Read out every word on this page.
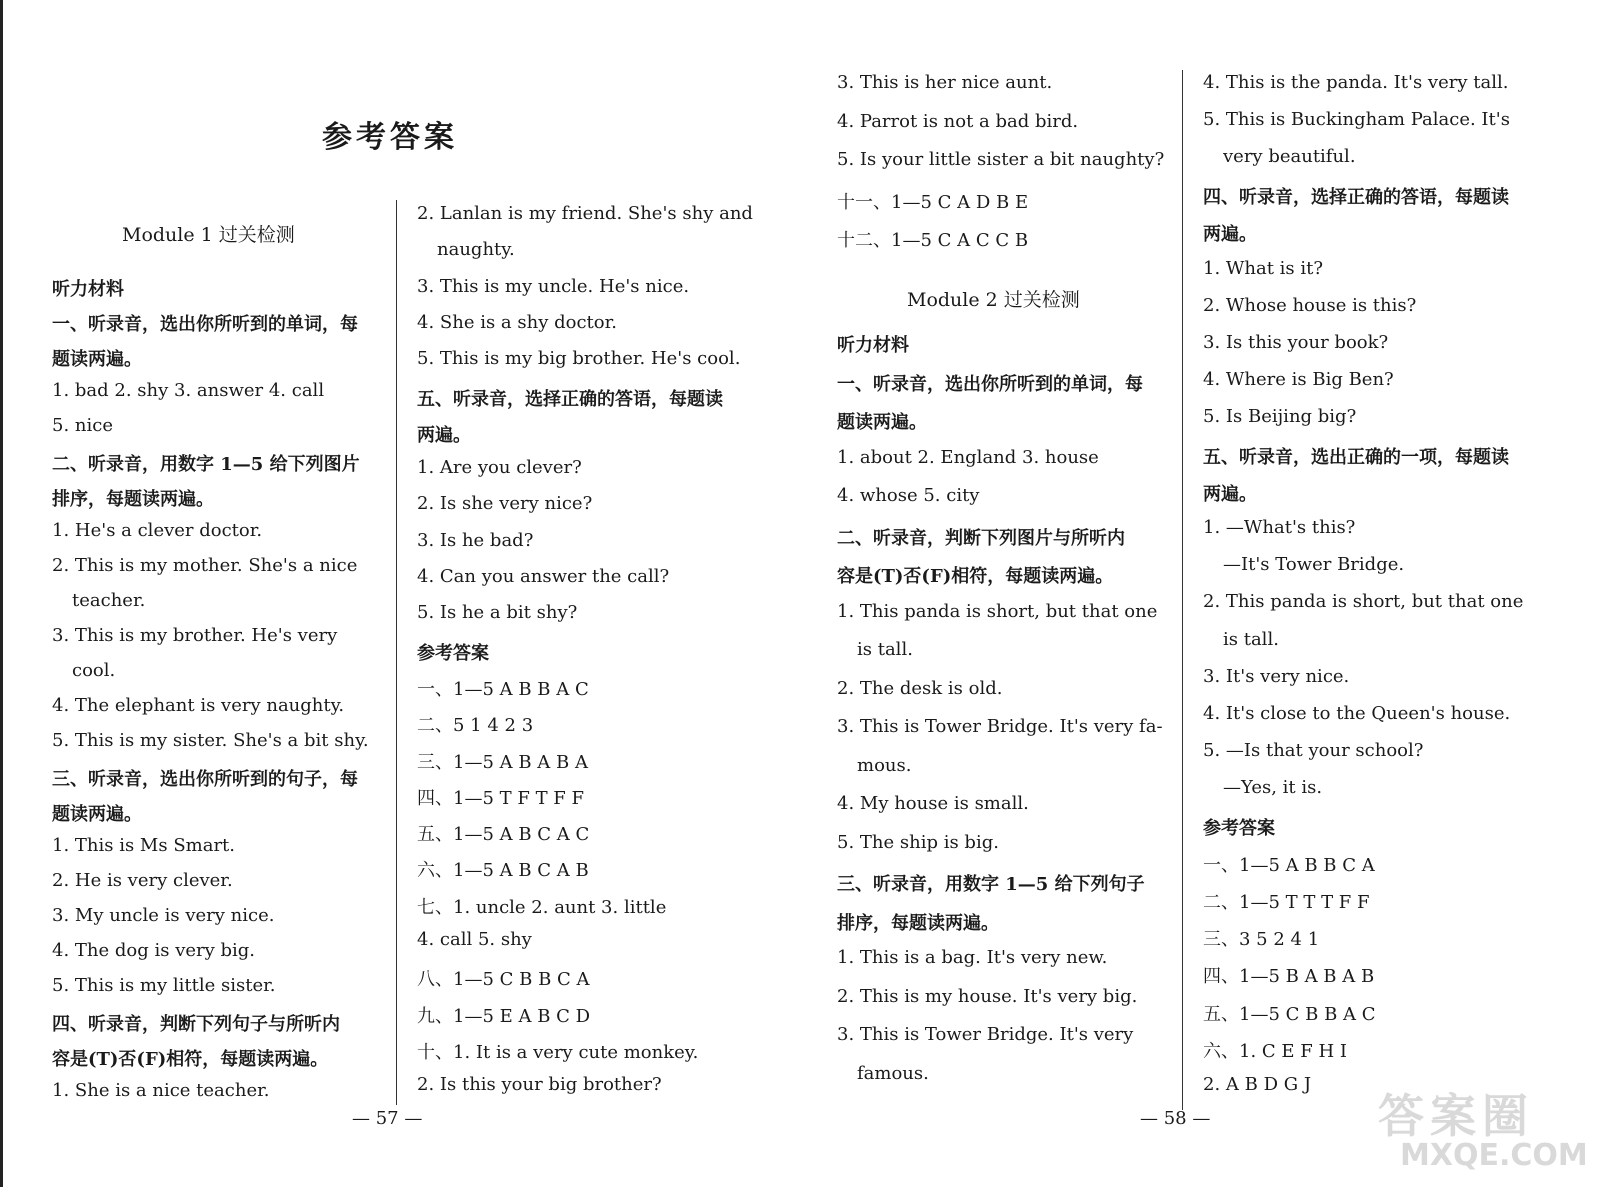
参考答案
Module 1 过关检测
听力材料
一、听录音，选出你所听到的单词，每
题读两遍。
1. bad 2. shy 3. answer 4. call
5. nice
二、听录音，用数字 1—5 给下列图片
排序，每题读两遍。
1. He's a clever doctor.
2. This is my mother. She's a nice
teacher.
3. This is my brother. He's very
cool.
4. The elephant is very naughty.
5. This is my sister. She's a bit shy.
三、听录音，选出你所听到的句子，每
题读两遍。
1. This is Ms Smart.
2. He is very clever.
3. My uncle is very nice.
4. The dog is very big.
5. This is my little sister.
四、听录音，判断下列句子与所听内
容是(T)否(F)相符，每题读两遍。
1. She is a nice teacher.
2. Lanlan is my friend. She's shy and
naughty.
3. This is my uncle. He's nice.
4. She is a shy doctor.
5. This is my big brother. He's cool.
五、听录音，选择正确的答语，每题读
两遍。
1. Are you clever?
2. Is she very nice?
3. Is he bad?
4. Can you answer the call?
5. Is he a bit shy?
参考答案
一、1—5 A B B A C
二、5 1 4 2 3
三、1—5 A B A B A
四、1—5 T F T F F
五、1—5 A B C A C
六、1—5 A B C A B
七、1. uncle 2. aunt 3. little
4. call 5. shy
八、1—5 C B B C A
九、1—5 E A B C D
十、1. It is a very cute monkey.
2. Is this your big brother?
3. This is her nice aunt.
4. Parrot is not a bad bird.
5. Is your little sister a bit naughty?
十一、1—5 C A D B E
十二、1—5 C A C C B
Module 2 过关检测
听力材料
一、听录音，选出你所听到的单词，每
题读两遍。
1. about 2. England 3. house
4. whose 5. city
二、听录音，判断下列图片与所听内
容是(T)否(F)相符，每题读两遍。
1. This panda is short, but that one
is tall.
2. The desk is old.
3. This is Tower Bridge. It's very fa-
mous.
4. My house is small.
5. The ship is big.
三、听录音，用数字 1—5 给下列句子
排序，每题读两遍。
1. This is a bag. It's very new.
2. This is my house. It's very big.
3. This is Tower Bridge. It's very
famous.
4. This is the panda. It's very tall.
5. This is Buckingham Palace. It's
very beautiful.
四、听录音，选择正确的答语，每题读
两遍。
1. What is it?
2. Whose house is this?
3. Is this your book?
4. Where is Big Ben?
5. Is Beijing big?
五、听录音，选出正确的一项，每题读
两遍。
1. —What's this?
—It's Tower Bridge.
2. This panda is short, but that one
is tall.
3. It's very nice.
4. It's close to the Queen's house.
5. —Is that your school?
—Yes, it is.
参考答案
一、1—5 A B B C A
二、1—5 T T T F F
三、3 5 2 4 1
四、1—5 B A B A B
五、1—5 C B B A C
六、1. C E F H I
2. A B D G J
— 57 —	— 58 —	答案圈
MXQE.COM
